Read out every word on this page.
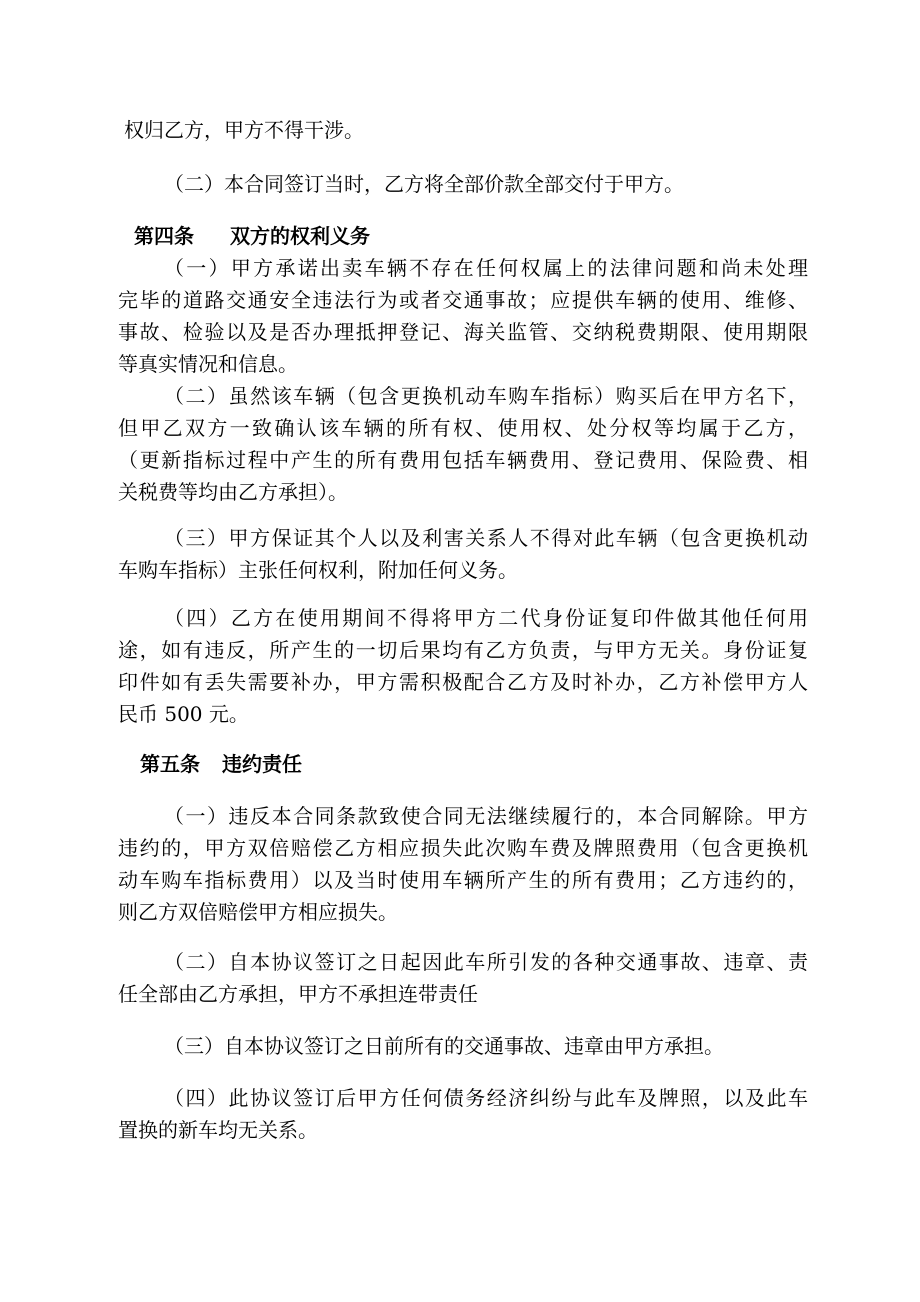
权归乙方，甲方不得干涉。
（二）本合同签订当时，乙方将全部价款全部交付于甲方。
第四条 双方的权利义务
（一）甲方承诺出卖车辆不存在任何权属上的法律问题和尚未处理
完毕的道路交通安全违法行为或者交通事故；应提供车辆的使用、维修、
事故、检验以及是否办理抵押登记、海关监管、交纳税费期限、使用期限
等真实情况和信息。
（二）虽然该车辆（包含更换机动车购车指标）购买后在甲方名下，
但甲乙双方一致确认该车辆的所有权、使用权、处分权等均属于乙方，
（更新指标过程中产生的所有费用包括车辆费用、登记费用、保险费、相
关税费等均由乙方承担）。
（三）甲方保证其个人以及利害关系人不得对此车辆（包含更换机动
车购车指标）主张任何权利，附加任何义务。
（四）乙方在使用期间不得将甲方二代身份证复印件做其他任何用
途，如有违反，所产生的一切后果均有乙方负责，与甲方无关。身份证复
印件如有丢失需要补办，甲方需积极配合乙方及时补办，乙方补偿甲方人
民币 500 元。
第五条 违约责任
（一）违反本合同条款致使合同无法继续履行的，本合同解除。甲方
违约的，甲方双倍赔偿乙方相应损失此次购车费及牌照费用（包含更换机
动车购车指标费用）以及当时使用车辆所产生的所有费用；乙方违约的，
则乙方双倍赔偿甲方相应损失。
（二）自本协议签订之日起因此车所引发的各种交通事故、违章、责
任全部由乙方承担，甲方不承担连带责任
（三）自本协议签订之日前所有的交通事故、违章由甲方承担。
（四）此协议签订后甲方任何债务经济纠纷与此车及牌照，以及此车
置换的新车均无关系。
